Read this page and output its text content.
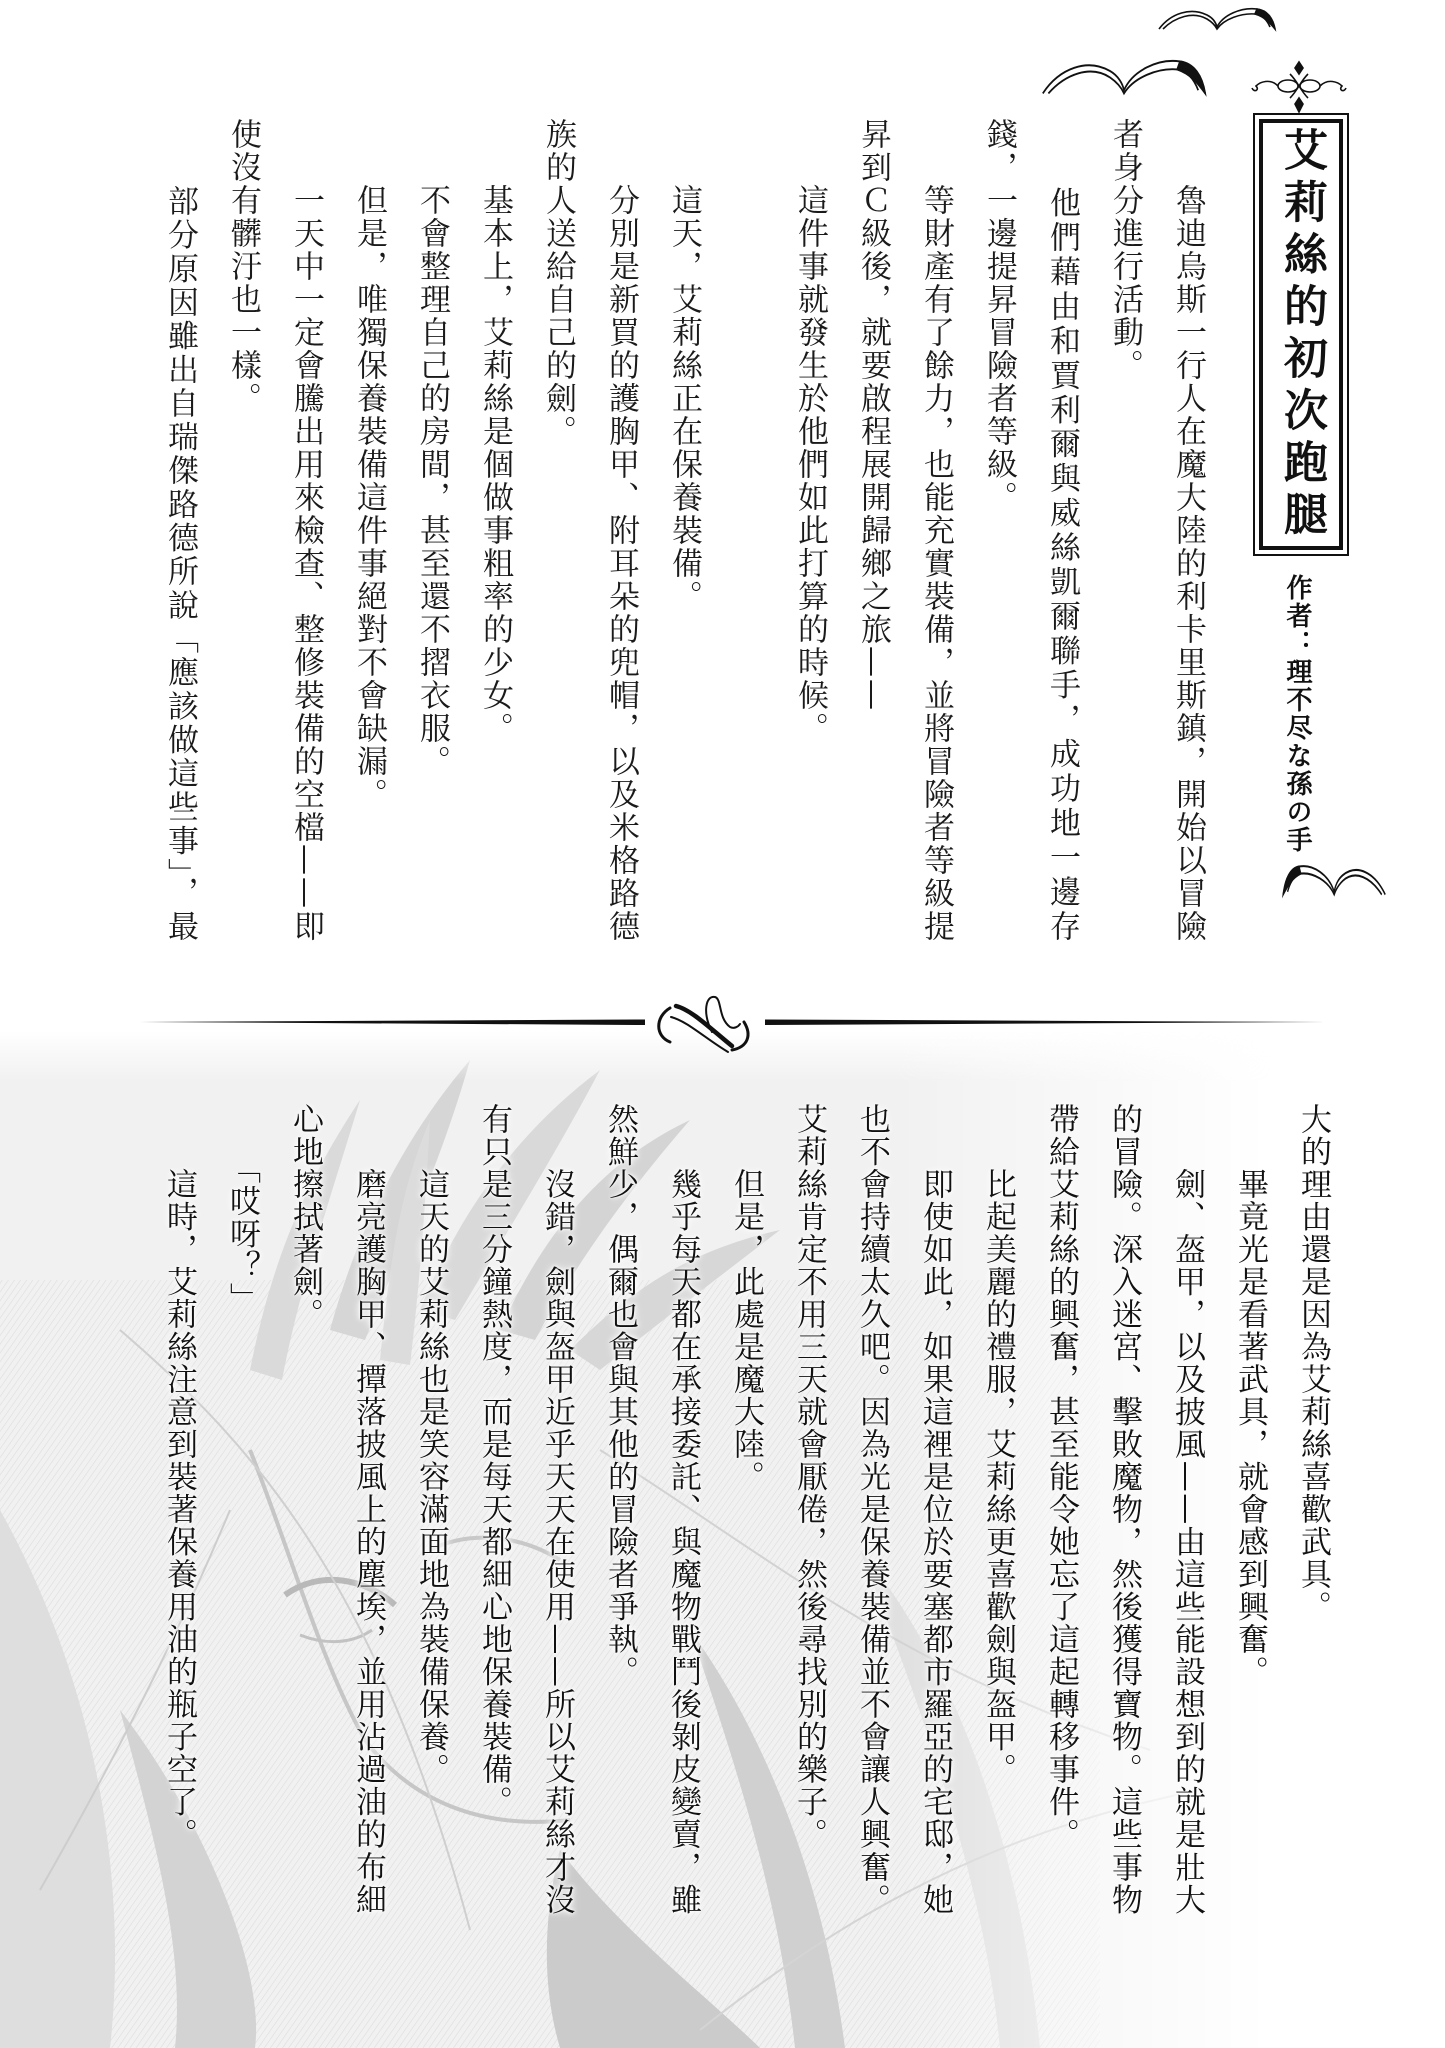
艾莉絲的初次跑腿
作者：理不尽な孫の手
　　魯迪烏斯一行人在魔大陸的利卡里斯鎮，開始以冒險
者身分進行活動。
　　他們藉由和賈利爾與威絲凱爾聯手，成功地一邊存
錢，一邊提昇冒險者等級。
　　等財產有了餘力，也能充實裝備，並將冒險者等級提
昇到Ｃ級後，就要啟程展開歸鄉之旅——
　　這件事就發生於他們如此打算的時候。
　　這天，艾莉絲正在保養裝備。
　　分別是新買的護胸甲、附耳朵的兜帽，以及米格路德
族的人送給自己的劍。
　　基本上，艾莉絲是個做事粗率的少女。
　　不會整理自己的房間，甚至還不摺衣服。
　　但是，唯獨保養裝備這件事絕對不會缺漏。
　　一天中一定會騰出用來檢查、整修裝備的空檔——即
使沒有髒汙也一樣。
　　部分原因雖出自瑞傑路德所說「應該做這些事」，最
大的理由還是因為艾莉絲喜歡武具。
　　畢竟光是看著武具，就會感到興奮。
　　劍、盔甲，以及披風——由這些能設想到的就是壯大
的冒險。深入迷宮、擊敗魔物，然後獲得寶物。這些事物
帶給艾莉絲的興奮，甚至能令她忘了這起轉移事件。
　　比起美麗的禮服，艾莉絲更喜歡劍與盔甲。
　　即使如此，如果這裡是位於要塞都市羅亞的宅邸，她
也不會持續太久吧。因為光是保養裝備並不會讓人興奮。
艾莉絲肯定不用三天就會厭倦，然後尋找別的樂子。
　　但是，此處是魔大陸。
　　幾乎每天都在承接委託、與魔物戰鬥後剝皮變賣，雖
然鮮少，偶爾也會與其他的冒險者爭執。
　　沒錯，劍與盔甲近乎天天在使用——所以艾莉絲才沒
有只是三分鐘熱度，而是每天都細心地保養裝備。
　　這天的艾莉絲也是笑容滿面地為裝備保養。
　　磨亮護胸甲、撢落披風上的塵埃，並用沾過油的布細
心地擦拭著劍。
　　「哎呀？」
　　這時，艾莉絲注意到裝著保養用油的瓶子空了。
